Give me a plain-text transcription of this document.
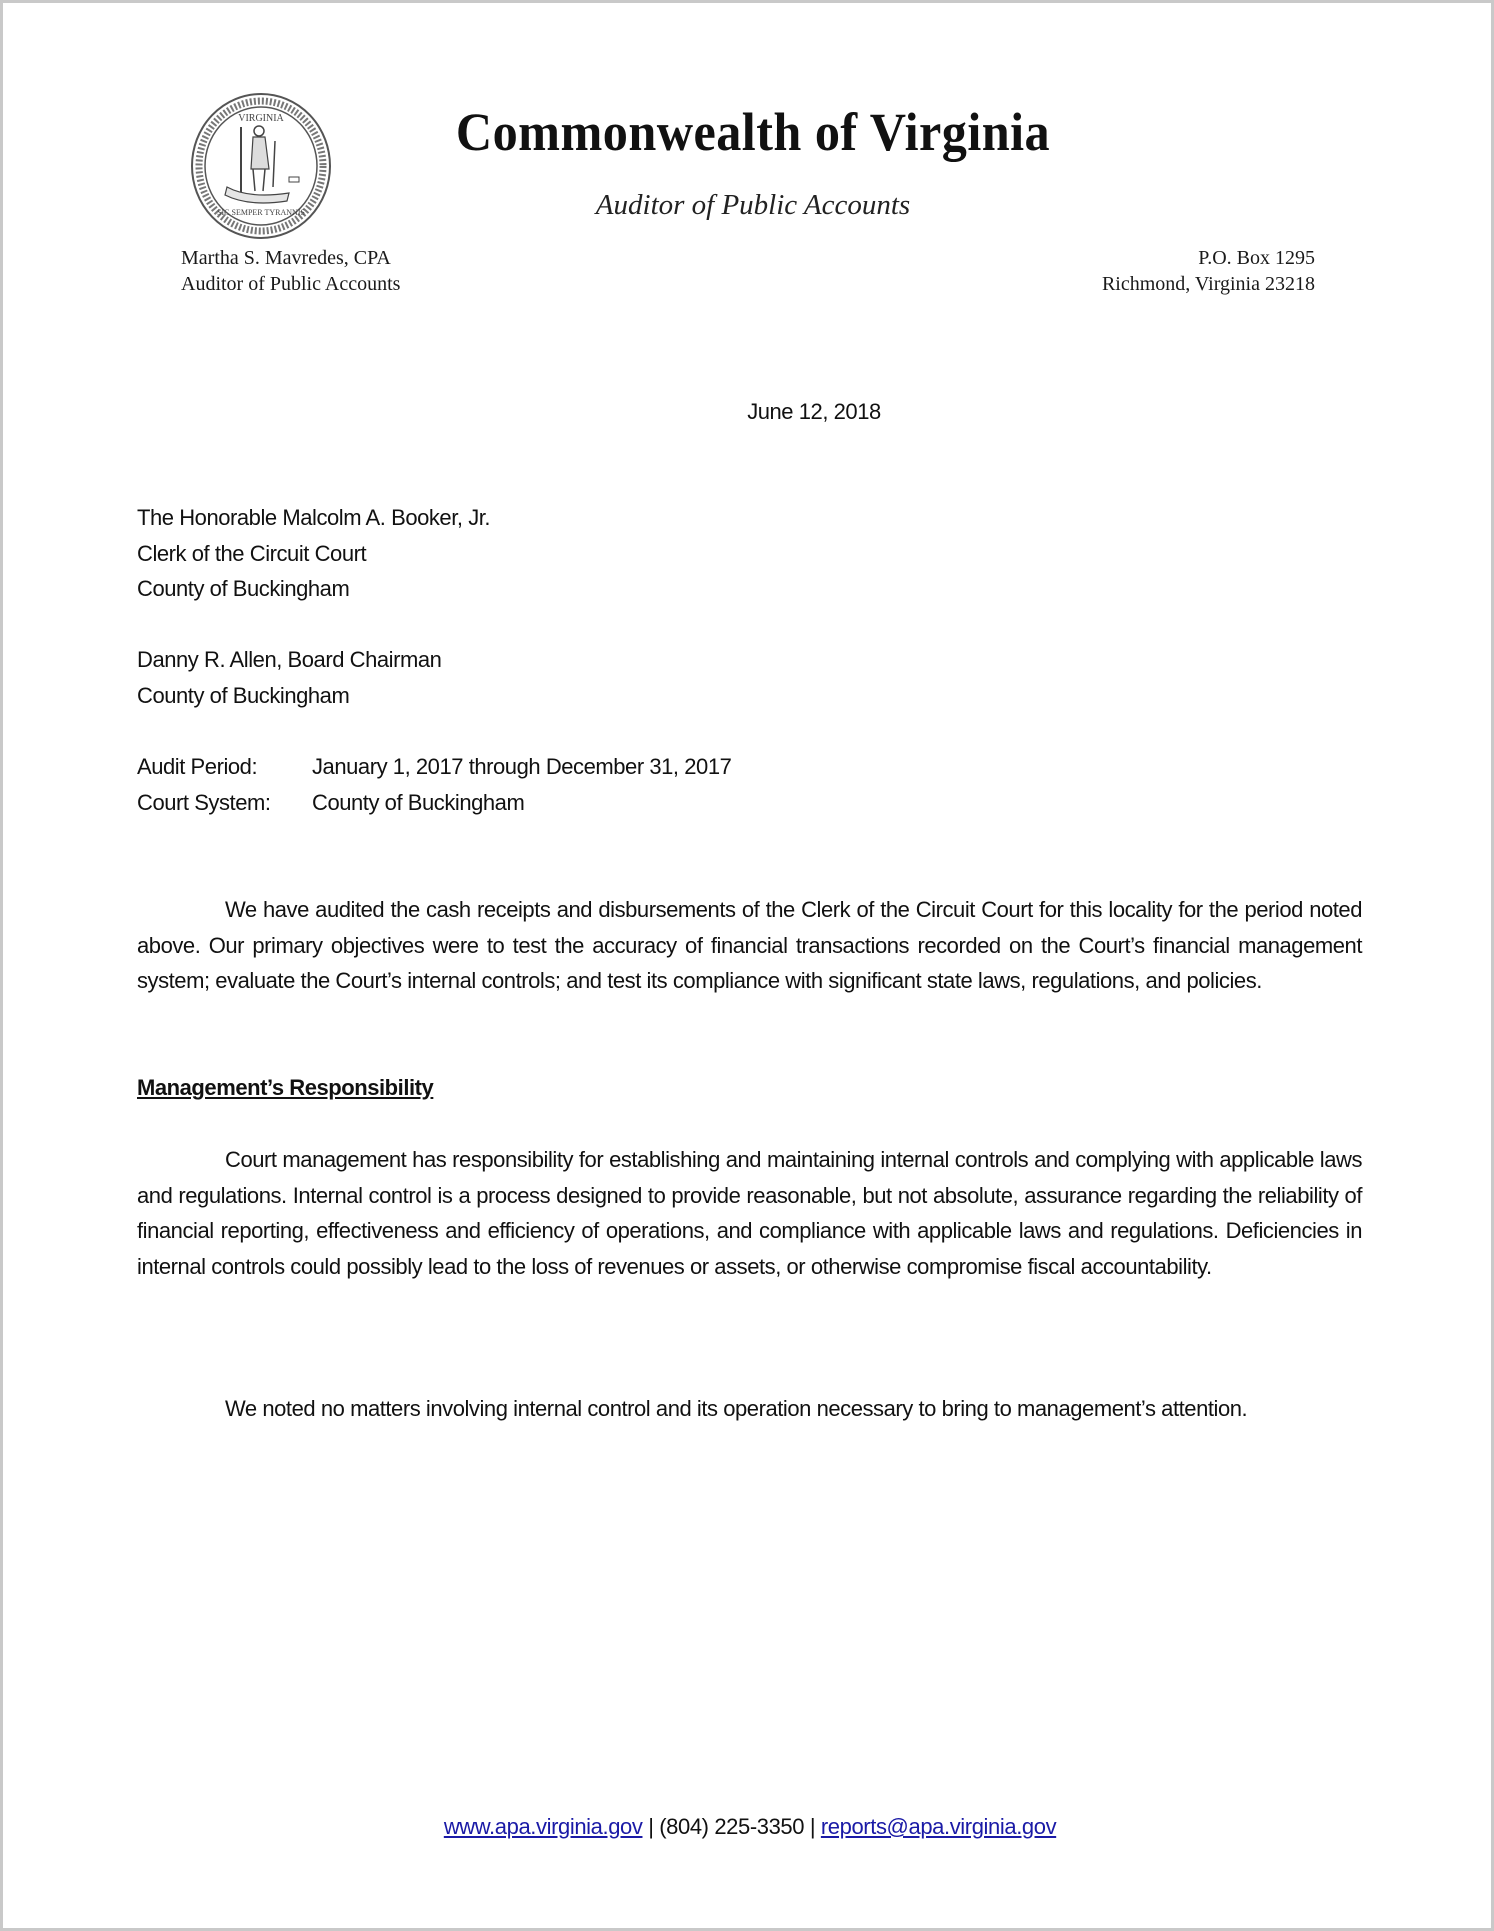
VIRGINIA
SIC SEMPER TYRANNIS
Commonwealth of Virginia
Auditor of Public Accounts
Martha S. Mavredes, CPA
Auditor of Public Accounts
P.O. Box 1295
Richmond, Virginia 23218
June 12, 2018
The Honorable Malcolm A. Booker, Jr.
Clerk of the Circuit Court
County of Buckingham
Danny R. Allen, Board Chairman
County of Buckingham
Audit Period: January 1, 2017 through December 31, 2017
Court System: County of Buckingham

We have audited the cash receipts and disbursements of the Clerk of the Circuit Court for this locality for the period noted above. Our primary objectives were to test the accuracy of financial transactions recorded on the Court’s financial management system; evaluate the Court’s internal controls; and test its compliance with significant state laws, regulations, and policies.

Management’s Responsibility

Court management has responsibility for establishing and maintaining internal controls and complying with applicable laws and regulations. Internal control is a process designed to provide reasonable, but not absolute, assurance regarding the reliability of financial reporting, effectiveness and efficiency of operations, and compliance with applicable laws and regulations. Deficiencies in internal controls could possibly lead to the loss of revenues or assets, or otherwise compromise fiscal accountability.

We noted no matters involving internal control and its operation necessary to bring to management’s attention.

www.apa.virginia.gov | (804) 225-3350 | reports@apa.virginia.gov
